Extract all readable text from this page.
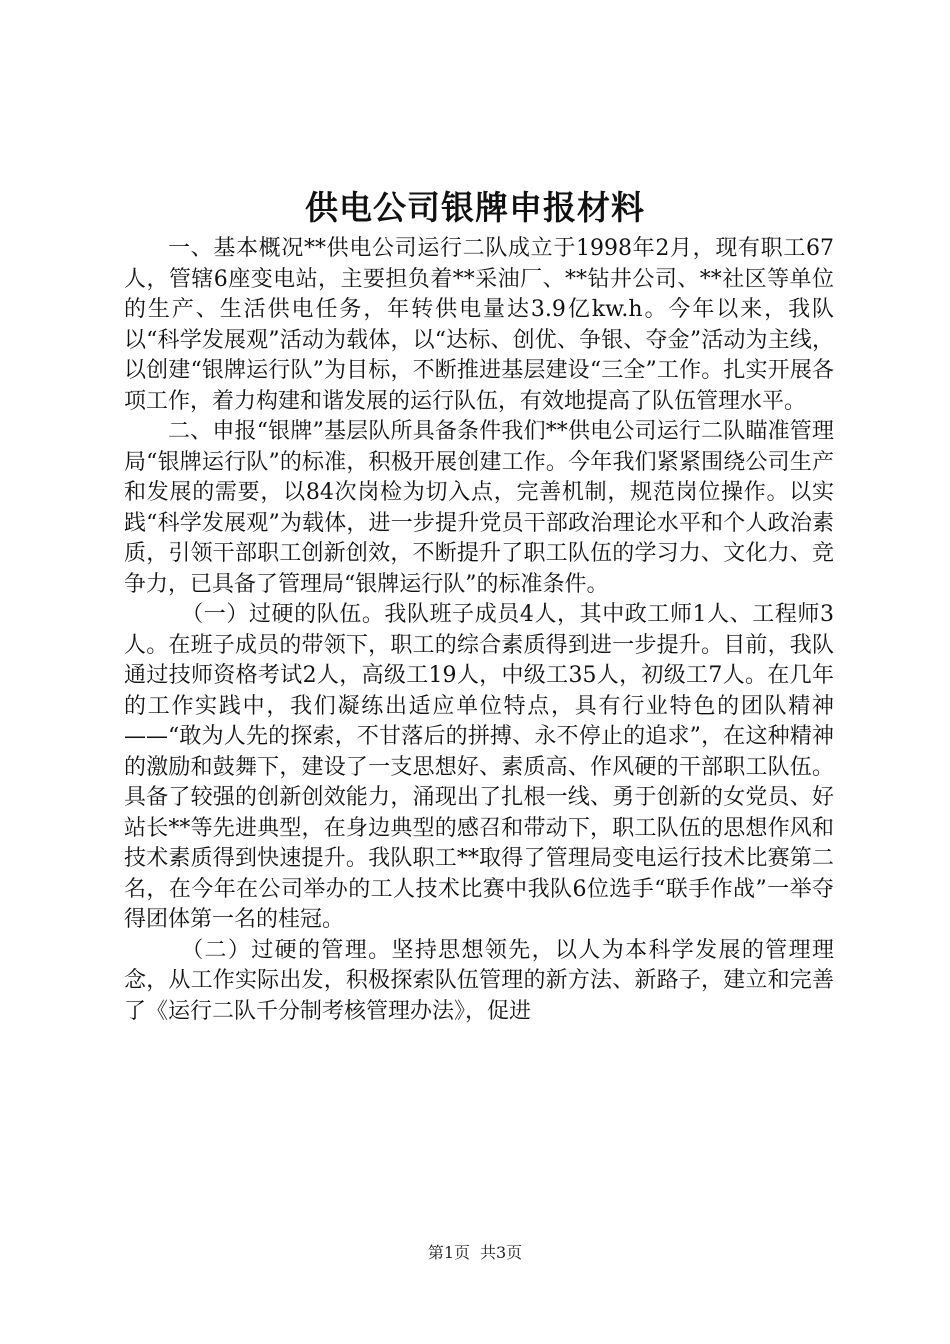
供电公司银牌申报材料

一、基本概况**供电公司运行二队成立于1998年2月，现有职工67人，管辖6座变电站，主要担负着**采油厂、**钻井公司、**社区等单位的生产、生活供电任务，年转供电量达3.9亿kw.h。今年以来，我队以“科学发展观”活动为载体，以“达标、创优、争银、夺金”活动为主线，以创建“银牌运行队”为目标，不断推进基层建设“三全”工作。扎实开展各项工作，着力构建和谐发展的运行队伍，有效地提高了队伍管理水平。

二、申报“银牌”基层队所具备条件我们**供电公司运行二队瞄准管理局“银牌运行队”的标准，积极开展创建工作。今年我们紧紧围绕公司生产和发展的需要，以84次岗检为切入点，完善机制，规范岗位操作。以实践“科学发展观”为载体，进一步提升党员干部政治理论水平和个人政治素质，引领干部职工创新创效，不断提升了职工队伍的学习力、文化力、竞争力，已具备了管理局“银牌运行队”的标准条件。

（一）过硬的队伍。我队班子成员4人，其中政工师1人、工程师3人。在班子成员的带领下，职工的综合素质得到进一步提升。目前，我队通过技师资格考试2人，高级工19人，中级工35人，初级工7人。在几年的工作实践中，我们凝练出适应单位特点，具有行业特色的团队精神——“敢为人先的探索，不甘落后的拼搏、永不停止的追求”，在这种精神的激励和鼓舞下，建设了一支思想好、素质高、作风硬的干部职工队伍。具备了较强的创新创效能力，涌现出了扎根一线、勇于创新的女党员、好站长**等先进典型，在身边典型的感召和带动下，职工队伍的思想作风和技术素质得到快速提升。我队职工**取得了管理局变电运行技术比赛第二名，在今年在公司举办的工人技术比赛中我队6位选手“联手作战”一举夺得团体第一名的桂冠。

（二）过硬的管理。坚持思想领先，以人为本科学发展的管理理念，从工作实际出发，积极探索队伍管理的新方法、新路子，建立和完善了《运行二队千分制考核管理办法》，促进

第1页 共3页
